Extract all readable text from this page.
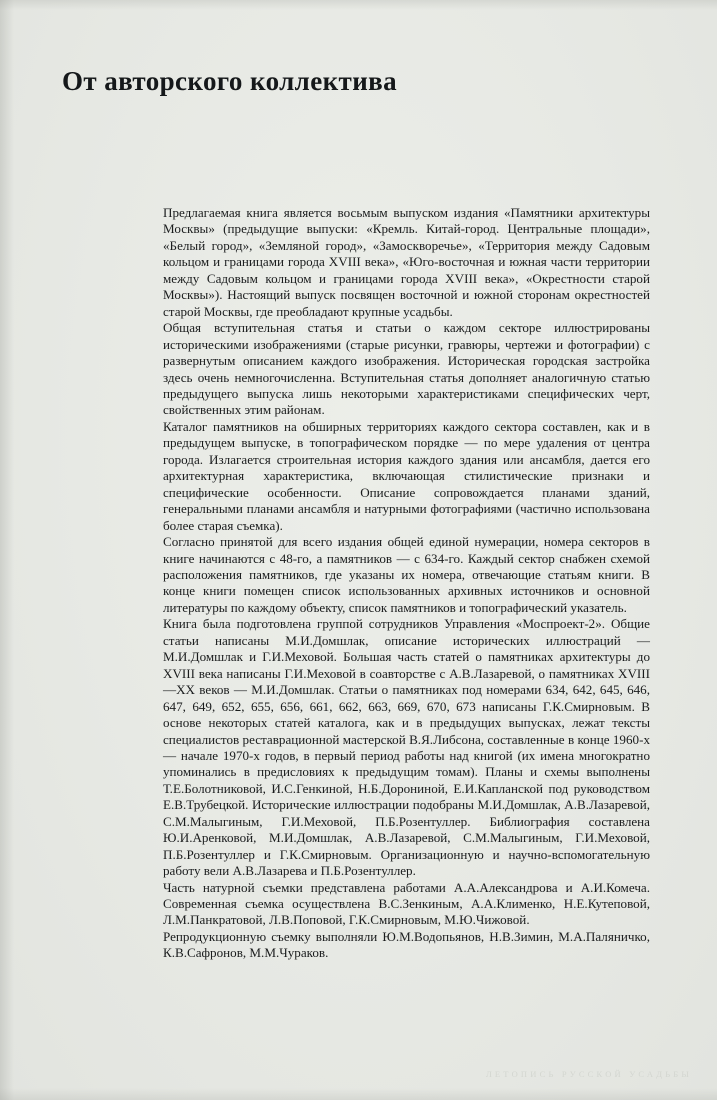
От авторского коллектива

Предлагаемая книга является восьмым выпуском издания «Памятники архитектуры Москвы» (предыдущие выпуски: «Кремль. Китай-город. Центральные площади», «Белый город», «Земляной город», «Замоскворечье», «Территория между Садовым кольцом и границами города XVIII века», «Юго-восточная и южная части территории между Садовым кольцом и границами города XVIII века», «Окрестности старой Москвы»). Настоящий выпуск посвящен восточной и южной сторонам окрестностей старой Москвы, где преобладают крупные усадьбы.

Общая вступительная статья и статьи о каждом секторе иллюстрированы историческими изображениями (старые рисунки, гравюры, чертежи и фотографии) с развернутым описанием каждого изображения. Историческая городская застройка здесь очень немногочисленна. Вступительная статья дополняет аналогичную статью предыдущего выпуска лишь некоторыми характеристиками специфических черт, свойственных этим районам.

Каталог памятников на обширных территориях каждого сектора составлен, как и в предыдущем выпуске, в топографическом порядке — по мере удаления от центра города. Излагается строительная история каждого здания или ансамбля, дается его архитектурная характеристика, включающая стилистические признаки и специфические особенности. Описание сопровождается планами зданий, генеральными планами ансамбля и натурными фотографиями (частично использована более старая съемка).

Согласно принятой для всего издания общей единой нумерации, номера секторов в книге начинаются с 48-го, а памятников — с 634-го. Каждый сектор снабжен схемой расположения памятников, где указаны их номера, отвечающие статьям книги. В конце книги помещен список использованных архивных источников и основной литературы по каждому объекту, список памятников и топографический указатель.

Книга была подготовлена группой сотрудников Управления «Моспроект-2». Общие статьи написаны М.И.Домшлак, описание исторических иллюстраций — М.И.Домшлак и Г.И.Меховой. Большая часть статей о памятниках архитектуры до XVIII века написаны Г.И.Меховой в соавторстве с А.В.Лазаревой, о памятниках XVIII—XX веков — М.И.Домшлак. Статьи о памятниках под номерами 634, 642, 645, 646, 647, 649, 652, 655, 656, 661, 662, 663, 669, 670, 673 написаны Г.К.Смирновым. В основе некоторых статей каталога, как и в предыдущих выпусках, лежат тексты специалистов реставрационной мастерской В.Я.Либсона, составленные в конце 1960-х — начале 1970-х годов, в первый период работы над книгой (их имена многократно упоминались в предисловиях к предыдущим томам). Планы и схемы выполнены Т.Е.Болотниковой, И.С.Генкиной, Н.Б.Дорониной, Е.И.Капланской под руководством Е.В.Трубецкой. Исторические иллюстрации подобраны М.И.Домшлак, А.В.Лазаревой, С.М.Малыгиным, Г.И.Меховой, П.Б.Розентуллер. Библиография составлена Ю.И.Аренковой, М.И.Домшлак, А.В.Лазаревой, С.М.Малыгиным, Г.И.Меховой, П.Б.Розентуллер и Г.К.Смирновым. Организационную и научно-вспомогательную работу вели А.В.Лазарева и П.Б.Розентуллер.

Часть натурной съемки представлена работами А.А.Александрова и А.И.Комеча. Современная съемка осуществлена В.С.Зенкиным, А.А.Клименко, Н.Е.Кутеповой, Л.М.Панкратовой, Л.В.Поповой, Г.К.Смирновым, М.Ю.Чижовой.

Репродукционную съемку выполняли Ю.М.Водопьянов, Н.В.Зимин, М.А.Паляничко, К.В.Сафронов, М.М.Чураков.

ЛЕТОПИСЬ РУССКОЙ УСАДЬБЫ
